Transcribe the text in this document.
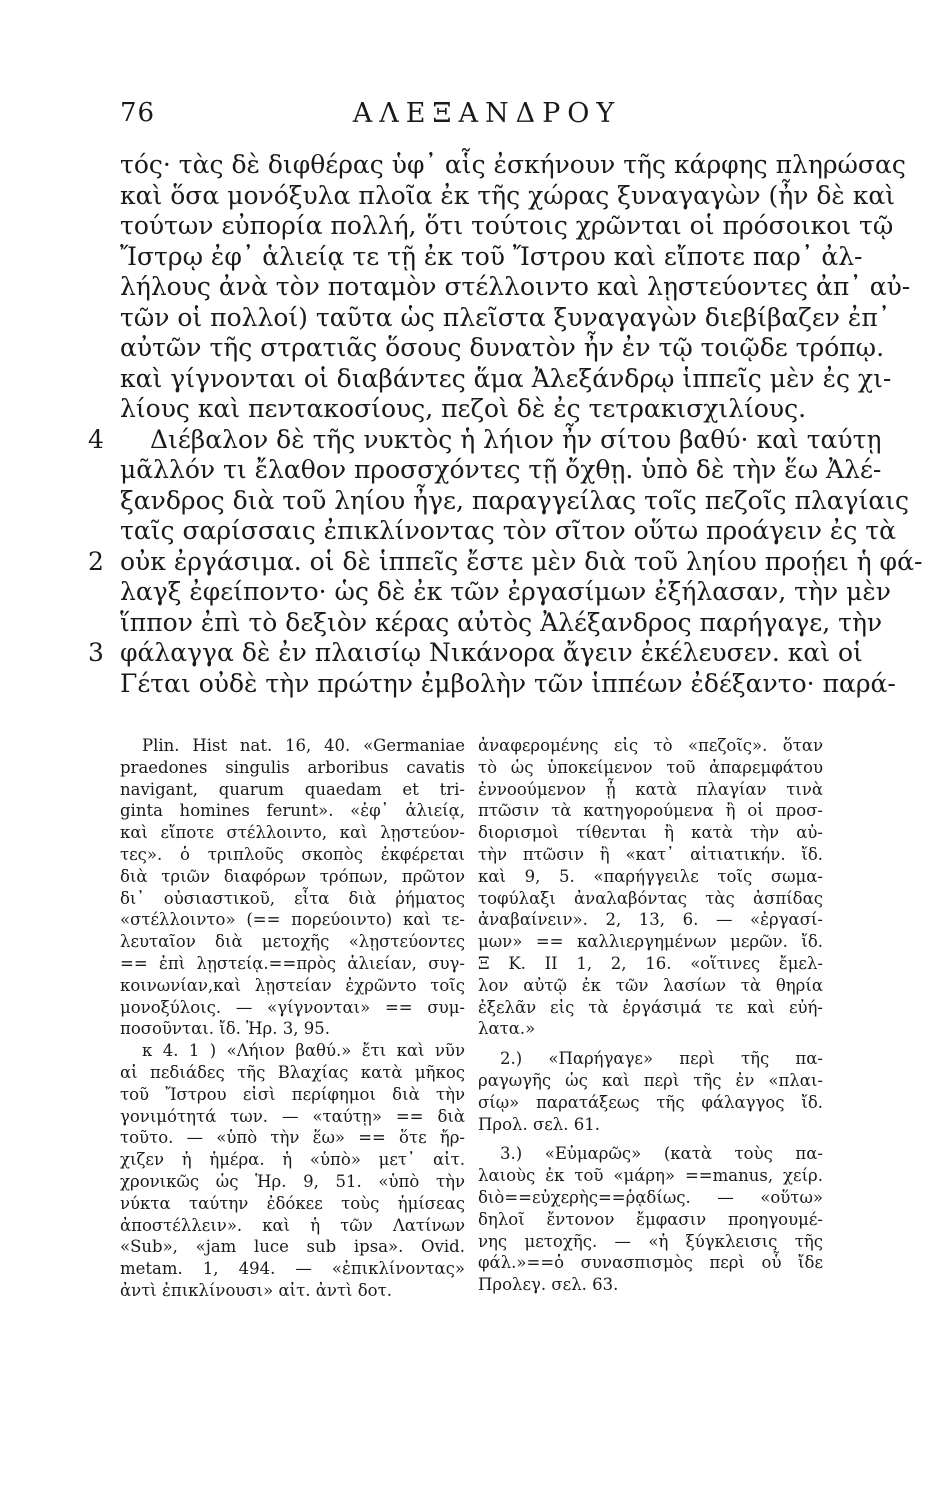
76	ΑΛΕΞΑΝΔΡΟΥ
τός· τὰς δὲ διφθέρας ὑφ᾽ αἷς ἐσκήνουν τῆς κάρφης πληρώσας
καὶ ὅσα μονόξυλα πλοῖα ἐκ τῆς χώρας ξυναγαγὼν (ἦν δὲ καὶ
τούτων εὐπορία πολλή, ὅτι τούτοις χρῶνται οἱ πρόσοικοι τῷ
Ἴστρῳ ἐφ᾽ ἁλιείᾳ τε τῇ ἐκ τοῦ Ἴστρου καὶ εἴποτε παρ᾽ ἀλ-
λήλους ἀνὰ τὸν ποταμὸν στέλλοιντο καὶ λῃστεύοντες ἀπ᾽ αὐ-
τῶν οἱ πολλοί) ταῦτα ὡς πλεῖστα ξυναγαγὼν διεβίβαζεν ἐπ᾽
αὐτῶν τῆς στρατιᾶς ὅσους δυνατὸν ἦν ἐν τῷ τοιῷδε τρόπῳ.
καὶ γίγνονται οἱ διαβάντες ἅμα Ἀλεξάνδρῳ ἱππεῖς μὲν ἐς χι-
λίους καὶ πεντακοσίους, πεζοὶ δὲ ἐς τετρακισχιλίους.
4 Διέβαλον δὲ τῆς νυκτὸς ἡ λήιον ἦν σίτου βαθύ· καὶ ταύτῃ
μᾶλλόν τι ἔλαθον προσσχόντες τῇ ὄχθῃ. ὑπὸ δὲ τὴν ἕω Ἀλέ-
ξανδρος διὰ τοῦ ληίου ἦγε, παραγγείλας τοῖς πεζοῖς πλαγίαις
ταῖς σαρίσσαις ἐπικλίνοντας τὸν σῖτον οὕτω προάγειν ἐς τὰ
2 οὐκ ἐργάσιμα. οἱ δὲ ἱππεῖς ἔστε μὲν διὰ τοῦ ληίου προῄει ἡ φά-
λαγξ ἐφείποντο· ὡς δὲ ἐκ τῶν ἐργασίμων ἐξήλασαν, τὴν μὲν
ἵππον ἐπὶ τὸ δεξιὸν κέρας αὐτὸς Ἀλέξανδρος παρήγαγε, τὴν
3 φάλαγγα δὲ ἐν πλαισίῳ Νικάνορα ἄγειν ἐκέλευσεν. καὶ οἱ
Γέται οὐδὲ τὴν πρώτην ἐμβολὴν τῶν ἱππέων ἐδέξαντο· παρά-
Plin. Hist nat. 16, 40. «Germaniae
praedones singulis arboribus cavatis
navigant, quarum quaedam et tri-
ginta homines ferunt». «ἐφ᾽ ἁλιείᾳ,
καὶ εἴποτε στέλλοιντο, καὶ λῃστεύον-
τες». ὁ τριπλοῦς σκοπὸς ἐκφέρεται
διὰ τριῶν διαφόρων τρόπων, πρῶτον
δι᾽ οὐσιαστικοῦ, εἶτα διὰ ῥήματος
«στέλλοιντο» (== πορεύοιντο) καὶ τε-
λευταῖον διὰ μετοχῆς «λῃστεύοντες
== ἐπὶ λῃστείᾳ.==πρὸς ἁλιείαν, συγ-
κοινωνίαν,καὶ λῃστείαν ἐχρῶντο τοῖς
μονοξύλοις. — «γίγνονται» == συμ-
ποσοῦνται. ἴδ. Ἡρ. 3, 95.
κ 4. 1 ) «Λήιον βαθύ.» ἔτι καὶ νῦν
αἱ πεδιάδες τῆς Βλαχίας κατὰ μῆκος
τοῦ Ἴστρου εἰσὶ περίφημοι διὰ τὴν
γονιμότητά των. — «ταύτῃ» == διὰ
τοῦτο. — «ὑπὸ τὴν ἕω» == ὅτε ἤρ-
χιζεν ἡ ἡμέρα. ἡ «ὑπὸ» μετ᾽ αἰτ.
χρονικῶς ὡς Ἡρ. 9, 51. «ὑπὸ τὴν
νύκτα ταύτην ἐδόκεε τοὺς ἡμίσεας
ἀποστέλλειν». καὶ ἡ τῶν Λατίνων
«Sub», «jam luce sub ipsa». Ovid.
metam. 1, 494. — «ἐπικλίνοντας»
ἀντὶ ἐπικλίνουσι» αἰτ. ἀντὶ δοτ.
ἀναφερομένης εἰς τὸ «πεζοῖς». ὅταν
τὸ ὡς ὑποκείμενον τοῦ ἀπαρεμφάτου
ἐννοούμενον ᾖ κατὰ πλαγίαν τινὰ
πτῶσιν τὰ κατηγορούμενα ἢ οἱ προσ-
διορισμοὶ τίθενται ἢ κατὰ τὴν αὐ-
τὴν πτῶσιν ἢ «κατ᾽ αἰτιατικήν. ἴδ.
καὶ 9, 5. «παρήγγειλε τοῖς σωμα-
τοφύλαξι ἀναλαβόντας τὰς ἀσπίδας
ἀναβαίνειν». 2, 13, 6. — «ἐργασί-
μων» == καλλιεργημένων μερῶν. ἴδ.
Ξ Κ. ΙΙ 1, 2, 16. «οἵτινες ἔμελ-
λον αὐτῷ ἐκ τῶν λασίων τὰ θηρία
ἐξελᾶν εἰς τὰ ἐργάσιμά τε καὶ εὐή-
λατα.»
2.) «Παρήγαγε» περὶ τῆς πα-
ραγωγῆς ὡς καὶ περὶ τῆς ἐν «πλαι-
σίῳ» παρατάξεως τῆς φάλαγγος ἴδ.
Προλ. σελ. 61.
3.) «Εὐμαρῶς» (κατὰ τοὺς πα-
λαιοὺς ἐκ τοῦ «μάρη» ==manus, χείρ.
διὸ==εὐχερὴς==ῥᾳδίως. — «οὕτω»
δηλοῖ ἔντονον ἔμφασιν προηγουμέ-
νης μετοχῆς. — «ἡ ξύγκλεισις τῆς
φάλ.»==ὁ συνασπισμὸς περὶ οὗ ἴδε
Προλεγ. σελ. 63.
